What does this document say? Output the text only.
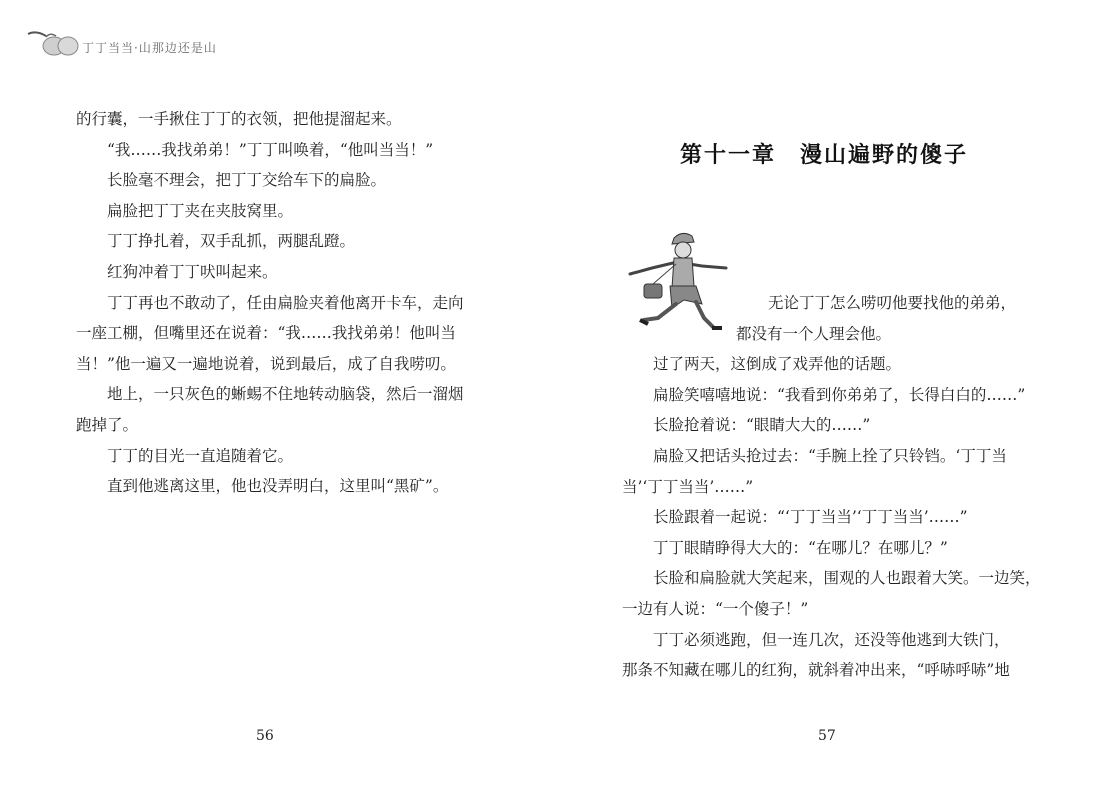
丁丁当当·山那边还是山

的行囊，一手揪住丁丁的衣领，把他提溜起来。

“我……我找弟弟！”丁丁叫唤着，“他叫当当！”

长脸毫不理会，把丁丁交给车下的扁脸。

扁脸把丁丁夹在夹肢窝里。

丁丁挣扎着，双手乱抓，两腿乱蹬。

红狗冲着丁丁吠叫起来。

丁丁再也不敢动了，任由扁脸夹着他离开卡车，走向

一座工棚，但嘴里还在说着：“我……我找弟弟！他叫当

当！”他一遍又一遍地说着，说到最后，成了自我唠叨。

地上，一只灰色的蜥蜴不住地转动脑袋，然后一溜烟

跑掉了。

丁丁的目光一直追随着它。

直到他逃离这里，他也没弄明白，这里叫“黑矿”。

56
第十一章　漫山遍野的傻子

无论丁丁怎么唠叨他要找他的弟弟，

都没有一个人理会他。

过了两天，这倒成了戏弄他的话题。

扁脸笑嘻嘻地说：“我看到你弟弟了，长得白白的……”

长脸抢着说：“眼睛大大的……”

扁脸又把话头抢过去：“手腕上拴了只铃铛。‘丁丁当

当’‘丁丁当当’……”

长脸跟着一起说：“‘丁丁当当’‘丁丁当当’……”

丁丁眼睛睁得大大的：“在哪儿？在哪儿？”

长脸和扁脸就大笑起来，围观的人也跟着大笑。一边笑，

一边有人说：“一个傻子！”

丁丁必须逃跑，但一连几次，还没等他逃到大铁门，

那条不知藏在哪儿的红狗，就斜着冲出来，“呼哧呼哧”地

57
